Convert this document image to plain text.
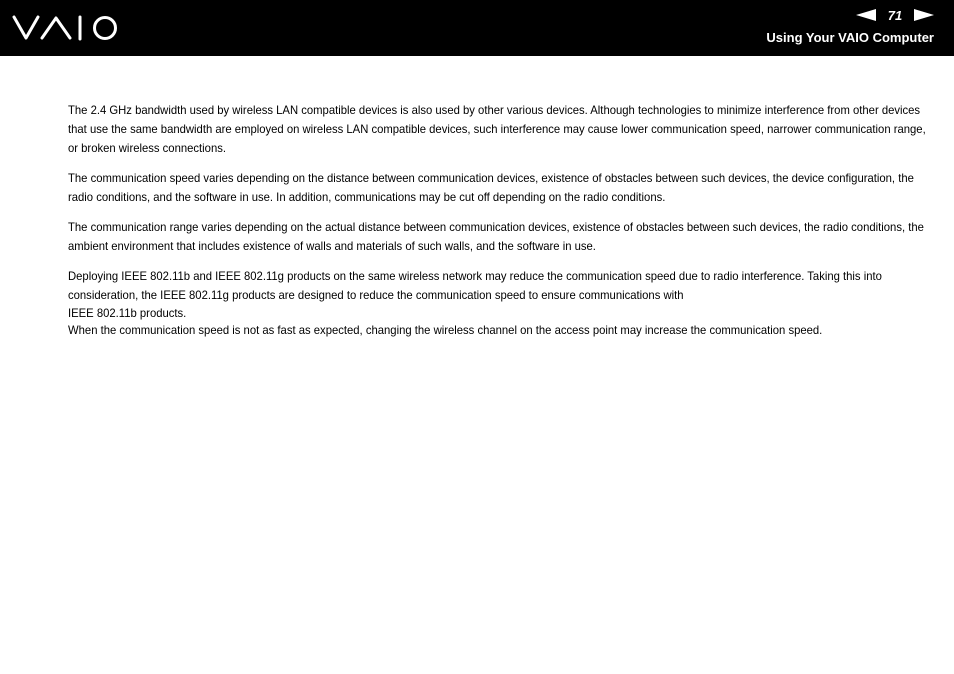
71
Using Your VAIO Computer

The 2.4 GHz bandwidth used by wireless LAN compatible devices is also used by other various devices. Although technologies to minimize interference from other devices that use the same bandwidth are employed on wireless LAN compatible devices, such interference may cause lower communication speed, narrower communication range, or broken wireless connections.

The communication speed varies depending on the distance between communication devices, existence of obstacles between such devices, the device configuration, the radio conditions, and the software in use. In addition, communications may be cut off depending on the radio conditions.

The communication range varies depending on the actual distance between communication devices, existence of obstacles between such devices, the radio conditions, the ambient environment that includes existence of walls and materials of such walls, and the software in use.

Deploying IEEE 802.11b and IEEE 802.11g products on the same wireless network may reduce the communication speed due to radio interference. Taking this into consideration, the IEEE 802.11g products are designed to reduce the communication speed to ensure communications with

IEEE 802.11b products.

When the communication speed is not as fast as expected, changing the wireless channel on the access point may increase the communication speed.
